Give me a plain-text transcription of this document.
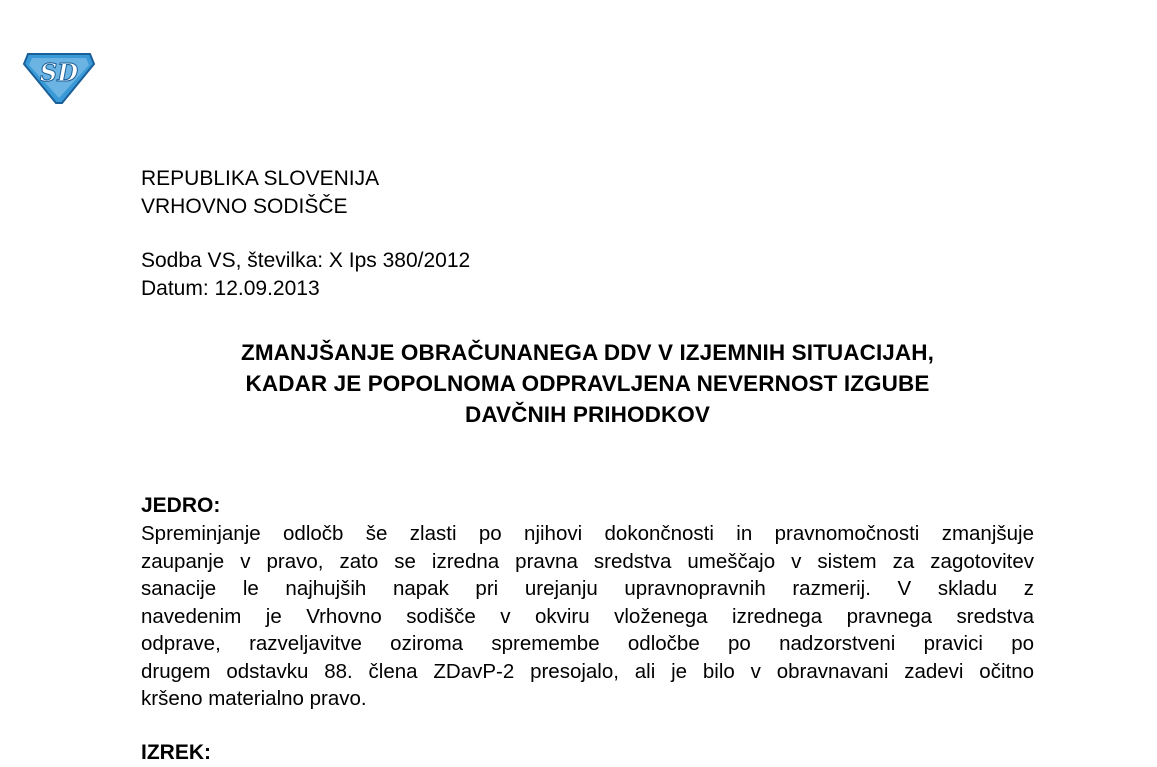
SD
REPUBLIKA SLOVENIJA
VRHOVNO SODIŠČE
Sodba VS, številka: X Ips 380/2012
Datum: 12.09.2013
ZMANJŠANJE OBRAČUNANEGA DDV V IZJEMNIH SITUACIJAH,
KADAR JE POPOLNOMA ODPRAVLJENA NEVERNOST IZGUBE
DAVČNIH PRIHODKOV
JEDRO:
Spreminjanje odločb še zlasti po njihovi dokončnosti in pravnomočnosti zmanjšuje
zaupanje v pravo, zato se izredna pravna sredstva umeščajo v sistem za zagotovitev
sanacije le najhujših napak pri urejanju upravnopravnih razmerij. V skladu z
navedenim je Vrhovno sodišče v okviru vloženega izrednega pravnega sredstva
odprave, razveljavitve oziroma spremembe odločbe po nadzorstveni pravici po
drugem odstavku 88. člena ZDavP-2 presojalo, ali je bilo v obravnavani zadevi očitno
kršeno materialno pravo.
IZREK:
